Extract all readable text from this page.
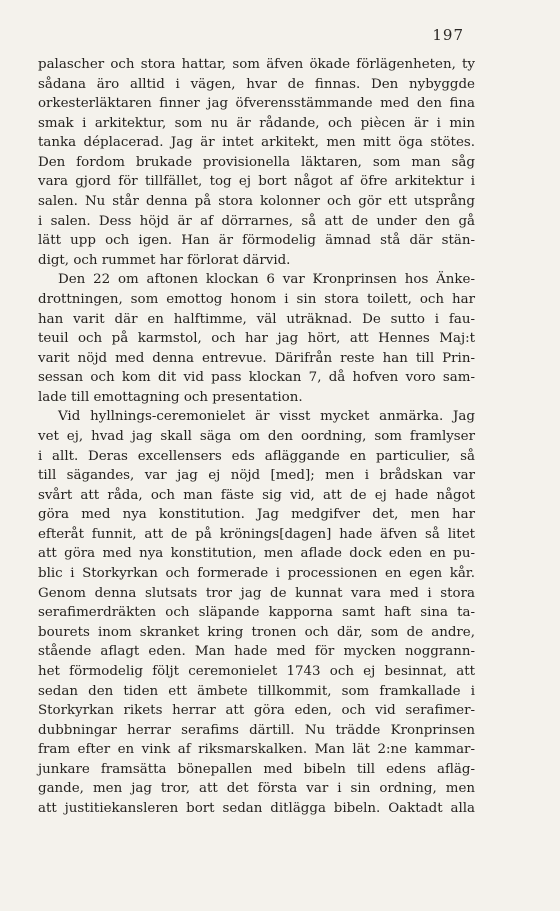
197
palascher och stora hattar, som äfven ökade förlägenheten, ty
sådana äro alltid i vägen, hvar de finnas. Den nybyggde
orkesterläktaren finner jag öfverensstämmande med den fina
smak i arkitektur, som nu är rådande, och piècen är i min
tanka déplacerad. Jag är intet arkitekt, men mitt öga stötes.
Den fordom brukade provisionella läktaren, som man såg
vara gjord för tillfället, tog ej bort något af öfre arkitektur i
salen. Nu står denna på stora kolonner och gör ett utsprång
i salen. Dess höjd är af dörrarnes, så att de under den gå
lätt upp och igen. Han är förmodelig ämnad stå där stän-
digt, och rummet har förlorat därvid.
Den 22 om aftonen klockan 6 var Kronprinsen hos Änke-
drottningen, som emottog honom i sin stora toilett, och har
han varit där en halftimme, väl uträknad. De sutto i fau-
teuil och på karmstol, och har jag hört, att Hennes Maj:t
varit nöjd med denna entrevue. Därifrån reste han till Prin-
sessan och kom dit vid pass klockan 7, då hofven voro sam-
lade till emottagning och presentation.
Vid hyllnings-ceremonielet är visst mycket anmärka. Jag
vet ej, hvad jag skall säga om den oordning, som framlyser
i allt. Deras excellensers eds afläggande en particulier, så
till sägandes, var jag ej nöjd [med]; men i brådskan var
svårt att råda, och man fäste sig vid, att de ej hade något
göra med nya konstitution. Jag medgifver det, men har
efteråt funnit, att de på krönings[dagen] hade äfven så litet
att göra med nya konstitution, men aflade dock eden en pu-
blic i Storkyrkan och formerade i processionen en egen kår.
Genom denna slutsats tror jag de kunnat vara med i stora
serafimerdräkten och släpande kapporna samt haft sina ta-
bourets inom skranket kring tronen och där, som de andre,
stående aflagt eden. Man hade med för mycken noggrann-
het förmodelig följt ceremonielet 1743 och ej besinnat, att
sedan den tiden ett ämbete tillkommit, som framkallade i
Storkyrkan rikets herrar att göra eden, och vid serafimer-
dubbningar herrar serafims därtill. Nu trädde Kronprinsen
fram efter en vink af riksmarskalken. Man lät 2:ne kammar-
junkare framsätta bönepallen med bibeln till edens afläg-
gande, men jag tror, att det första var i sin ordning, men
att justitiekansleren bort sedan ditlägga bibeln. Oaktadt alla
